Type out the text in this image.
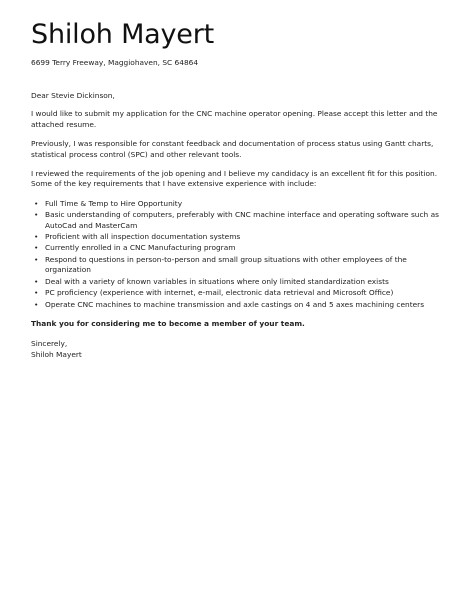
Shiloh Mayert

6699 Terry Freeway, Maggiohaven, SC 64864

Dear Stevie Dickinson,

I would like to submit my application for the CNC machine operator opening. Please accept this letter and the attached resume.

Previously, I was responsible for constant feedback and documentation of process status using Gantt charts, statistical process control (SPC) and other relevant tools.

I reviewed the requirements of the job opening and I believe my candidacy is an excellent fit for this position. Some of the key requirements that I have extensive experience with include:

• Full Time & Temp to Hire Opportunity
• Basic understanding of computers, preferably with CNC machine interface and operating software such as AutoCad and MasterCam
• Proficient with all inspection documentation systems
• Currently enrolled in a CNC Manufacturing program
• Respond to questions in person-to-person and small group situations with other employees of the organization
• Deal with a variety of known variables in situations where only limited standardization exists
• PC proficiency (experience with internet, e-mail, electronic data retrieval and Microsoft Office)
• Operate CNC machines to machine transmission and axle castings on 4 and 5 axes machining centers

Thank you for considering me to become a member of your team.

Sincerely,

Shiloh Mayert
